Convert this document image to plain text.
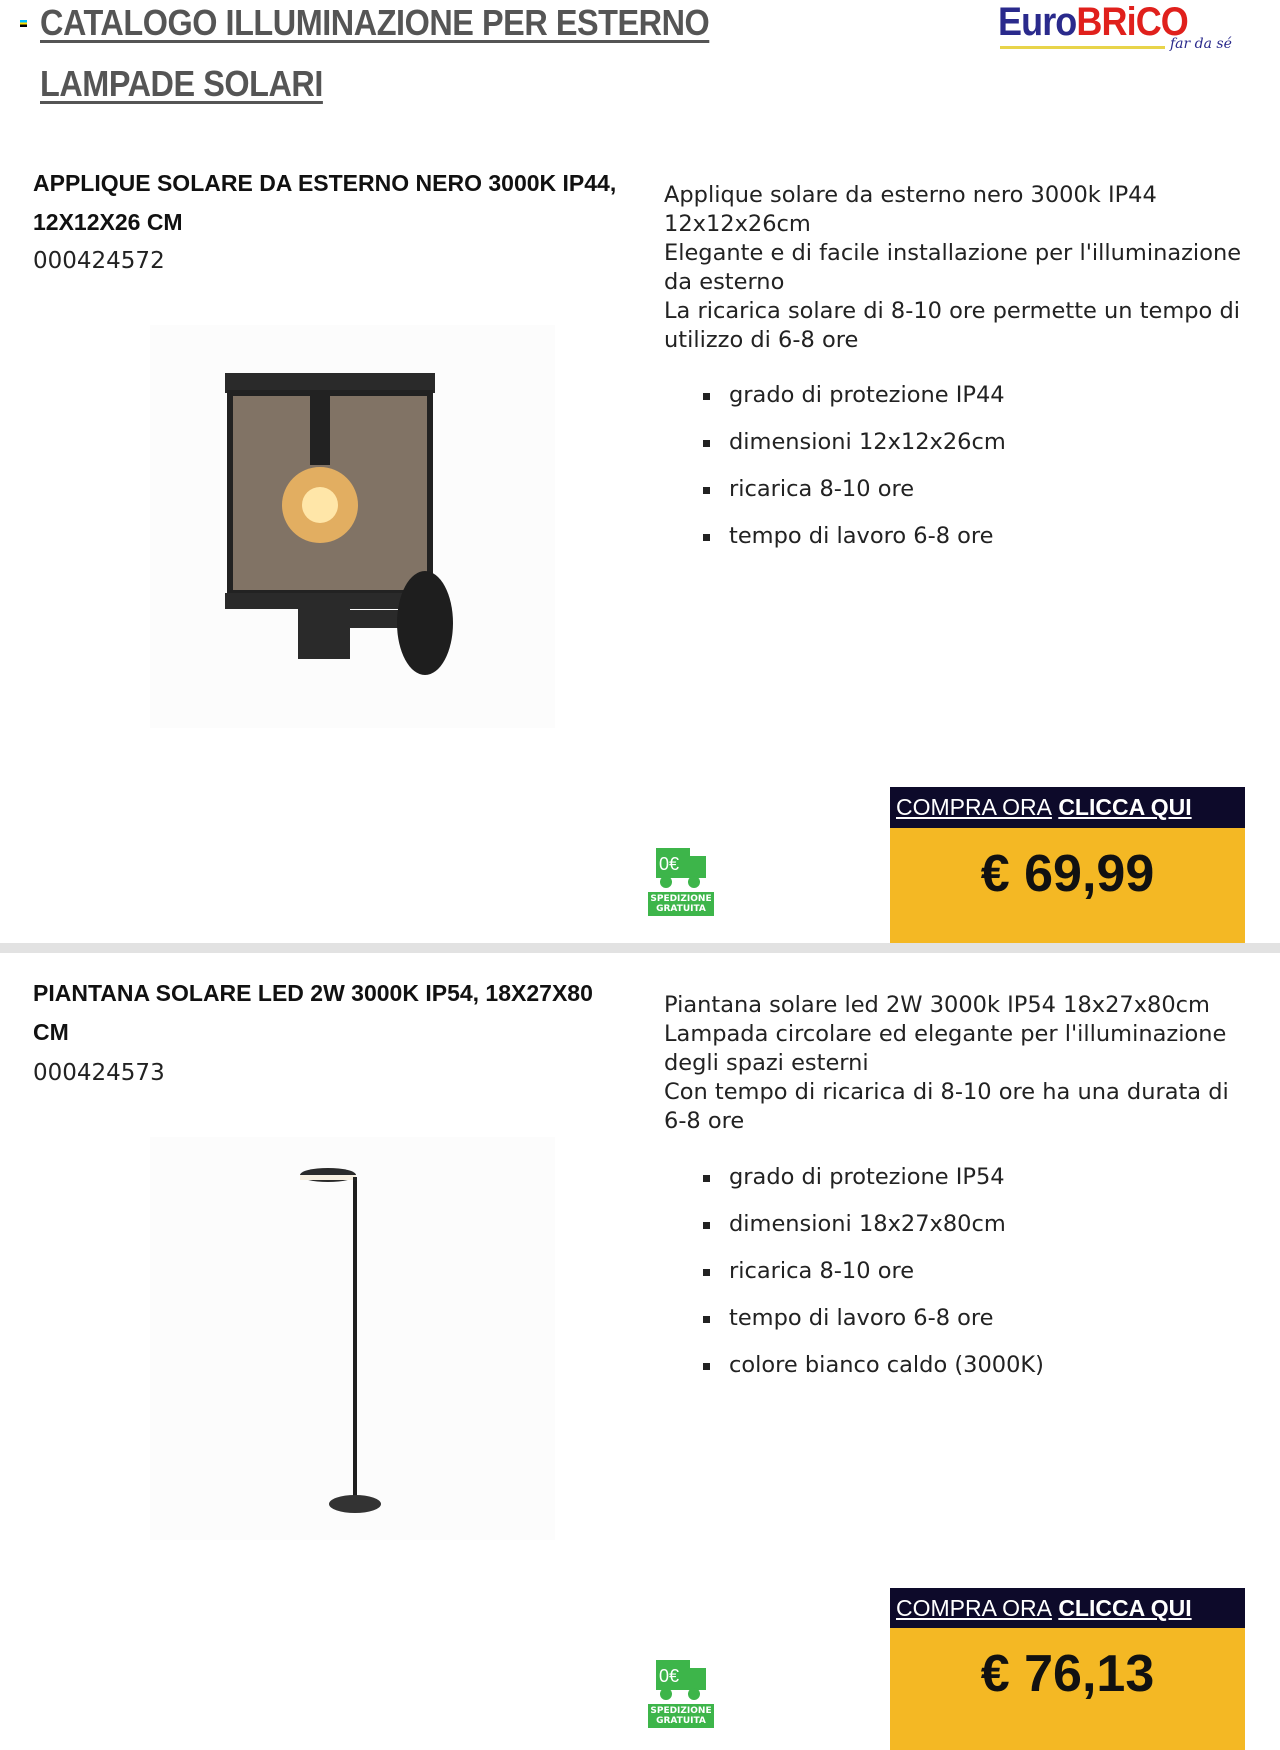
CATALOGO ILLUMINAZIONE PER ESTERNO
LAMPADE SOLARI
EuroBRiCO
far da sé
APPLIQUE SOLARE DA ESTERNO NERO 3000K IP44, 12X12X26 CM
000424572
Applique solare da esterno nero 3000k IP44 12x12x26cm
Elegante e di facile installazione per l'illuminazione da esterno
La ricarica solare di 8-10 ore permette un tempo di utilizzo di 6-8 ore
grado di protezione IP44
dimensioni 12x12x26cm
ricarica 8-10 ore
tempo di lavoro 6-8 ore
0€
SPEDIZIONE GRATUITA
COMPRA ORA CLICCA QUI
€ 69,99
PIANTANA SOLARE LED 2W 3000K IP54, 18X27X80 CM
000424573
Piantana solare led 2W 3000k IP54 18x27x80cm
Lampada circolare ed elegante per l'illuminazione degli spazi esterni
Con tempo di ricarica di 8-10 ore ha una durata di 6-8 ore
grado di protezione IP54
dimensioni 18x27x80cm
ricarica 8-10 ore
tempo di lavoro 6-8 ore
colore bianco caldo (3000K)
0€
SPEDIZIONE GRATUITA
COMPRA ORA CLICCA QUI
€ 76,13
